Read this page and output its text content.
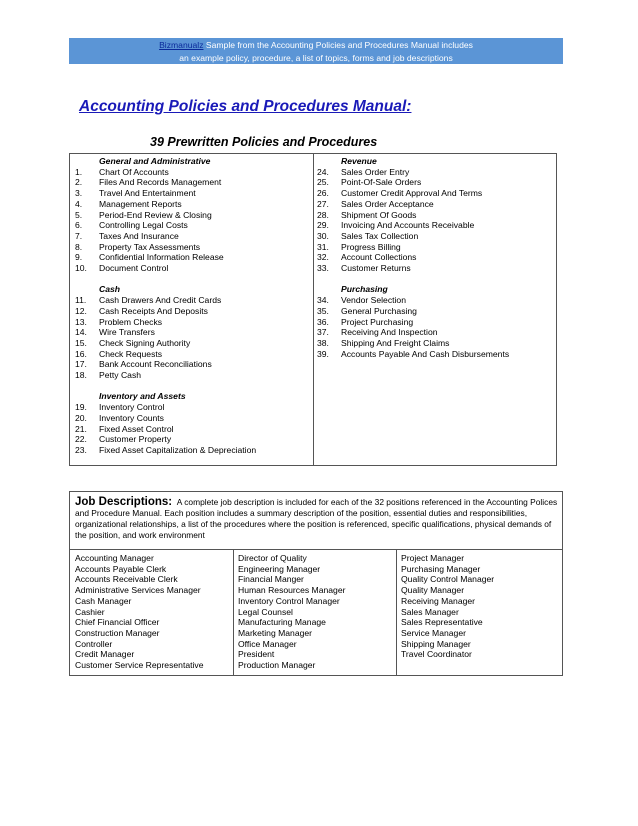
Bizmanualz Sample from the Accounting Policies and Procedures Manual includes
an example policy, procedure, a list of topics, forms and job descriptions
Accounting Policies and Procedures Manual:
39 Prewritten Policies and Procedures
General and Administrative
1.	Chart Of Accounts
2.	Files And Records Management
3.	Travel And Entertainment
4.	Management Reports
5.	Period-End Review & Closing
6.	Controlling Legal Costs
7.	Taxes And Insurance
8.	Property Tax Assessments
9.	Confidential Information Release
10.	Document Control
Cash
11.	Cash Drawers And Credit Cards
12.	Cash Receipts And Deposits
13.	Problem Checks
14.	Wire Transfers
15.	Check Signing Authority
16.	Check Requests
17.	Bank Account Reconciliations
18.	Petty Cash
Inventory and Assets
19.	Inventory Control
20.	Inventory Counts
21.	Fixed Asset Control
22.	Customer Property
23.	Fixed Asset Capitalization & Depreciation
Revenue
24.	Sales Order Entry
25.	Point-Of-Sale Orders
26.	Customer Credit Approval And Terms
27.	Sales Order Acceptance
28.	Shipment Of Goods
29.	Invoicing And Accounts Receivable
30.	Sales Tax Collection
31.	Progress Billing
32.	Account Collections
33.	Customer Returns
Purchasing
34.	Vendor Selection
35.	General Purchasing
36.	Project Purchasing
37.	Receiving And Inspection
38.	Shipping And Freight Claims
39.	Accounts Payable And Cash Disbursements
Job Descriptions: A complete job description is included for each of the 32 positions referenced in the Accounting Polices and Procedure Manual. Each position includes a summary description of the position, essential duties and responsibilities, organizational relationships, a list of the procedures where the position is referenced, specific qualifications, physical demands of the position, and work environment
Accounting Manager
Accounts Payable Clerk
Accounts Receivable Clerk
Administrative Services Manager
Cash Manager
Cashier
Chief Financial Officer
Construction Manager
Controller
Credit Manager
Customer Service Representative
Director of Quality
Engineering Manager
Financial Manger
Human Resources Manager
Inventory Control Manager
Legal Counsel
Manufacturing Manage
Marketing Manager
Office Manager
President
Production Manager
Project Manager
Purchasing Manager
Quality Control Manager
Quality Manager
Receiving Manager
Sales Manager
Sales Representative
Service Manager
Shipping Manager
Travel Coordinator
